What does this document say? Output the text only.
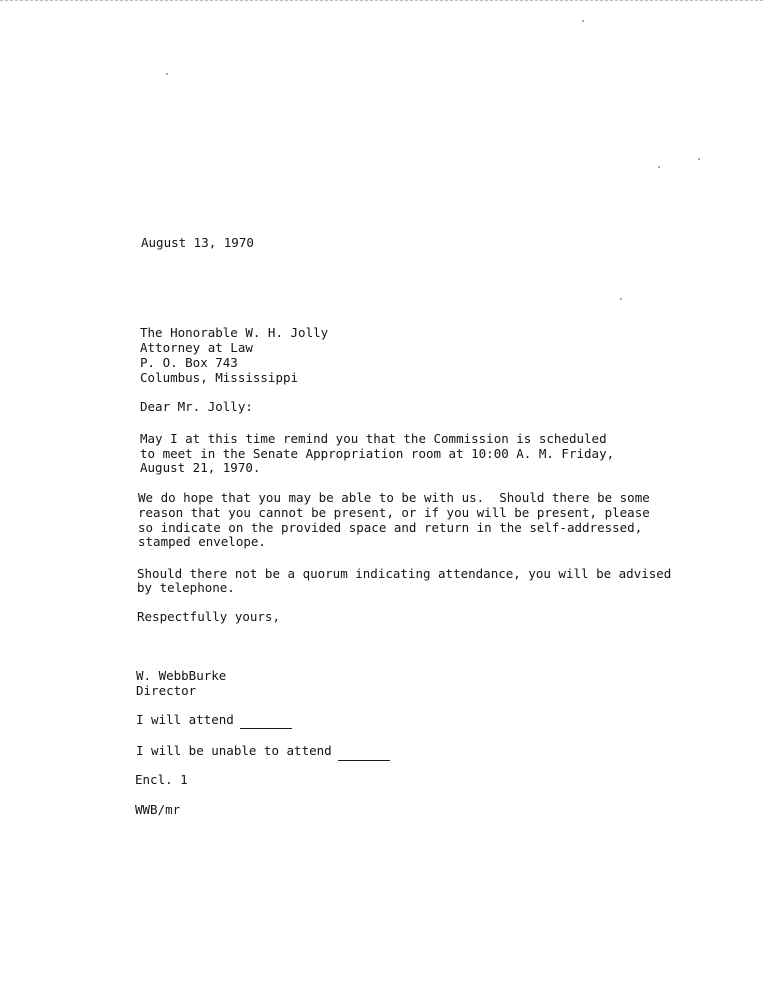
August 13, 1970
The Honorable W. H. Jolly
Attorney at Law
P. O. Box 743
Columbus, Mississippi
Dear Mr. Jolly:
May I at this time remind you that the Commission is scheduled
to meet in the Senate Appropriation room at 10:00 A. M. Friday,
August 21, 1970.
We do hope that you may be able to be with us.  Should there be some
reason that you cannot be present, or if you will be present, please
so indicate on the provided space and return in the self-addressed,
stamped envelope.
Should there not be a quorum indicating attendance, you will be advised
by telephone.
Respectfully yours,
W. WebbBurke
Director
I will attend
I will be unable to attend
Encl. 1
WWB/mr
